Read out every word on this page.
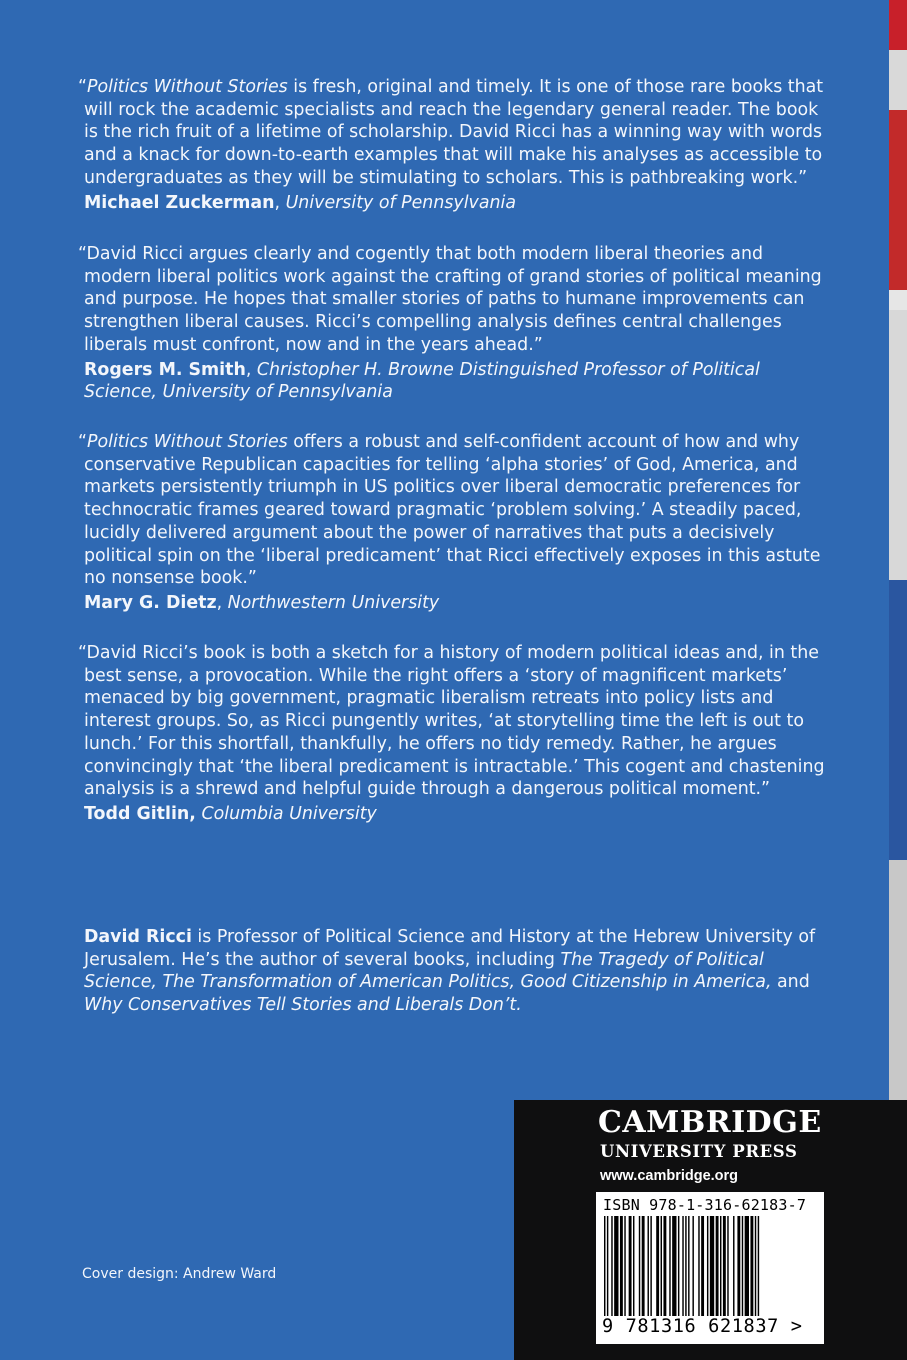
“Politics Without Stories is fresh, original and timely. It is one of those rare books that will rock the academic specialists and reach the legendary general reader. The book is the rich fruit of a lifetime of scholarship. David Ricci has a winning way with words and a knack for down-to-earth examples that will make his analyses as accessible to undergraduates as they will be stimulating to scholars. This is pathbreaking work.”

Michael Zuckerman, University of Pennsylvania

“David Ricci argues clearly and cogently that both modern liberal theories and modern liberal politics work against the crafting of grand stories of political meaning and purpose. He hopes that smaller stories of paths to humane improvements can strengthen liberal causes. Ricci’s compelling analysis defines central challenges liberals must confront, now and in the years ahead.”

Rogers M. Smith, Christopher H. Browne Distinguished Professor of Political Science, University of Pennsylvania

“Politics Without Stories offers a robust and self-confident account of how and why conservative Republican capacities for telling ‘alpha stories’ of God, America, and markets persistently triumph in US politics over liberal democratic preferences for technocratic frames geared toward pragmatic ‘problem solving.’ A steadily paced, lucidly delivered argument about the power of narratives that puts a decisively political spin on the ‘liberal predicament’ that Ricci effectively exposes in this astute no nonsense book.”

Mary G. Dietz, Northwestern University

“David Ricci’s book is both a sketch for a history of modern political ideas and, in the best sense, a provocation. While the right offers a ‘story of magnificent markets’ menaced by big government, pragmatic liberalism retreats into policy lists and interest groups. So, as Ricci pungently writes, ‘at storytelling time the left is out to lunch.’ For this shortfall, thankfully, he offers no tidy remedy. Rather, he argues convincingly that ‘the liberal predicament is intractable.’ This cogent and chastening analysis is a shrewd and helpful guide through a dangerous political moment.”

Todd Gitlin, Columbia University
David Ricci is Professor of Political Science and History at the Hebrew University of Jerusalem. He’s the author of several books, including The Tragedy of Political Science, The Transformation of American Politics, Good Citizenship in America, and Why Conservatives Tell Stories and Liberals Don’t.
Cover design: Andrew Ward
CAMBRIDGE
UNIVERSITY PRESS
www.cambridge.org
ISBN 978-1-316-62183-7
9 781316 621837 >
